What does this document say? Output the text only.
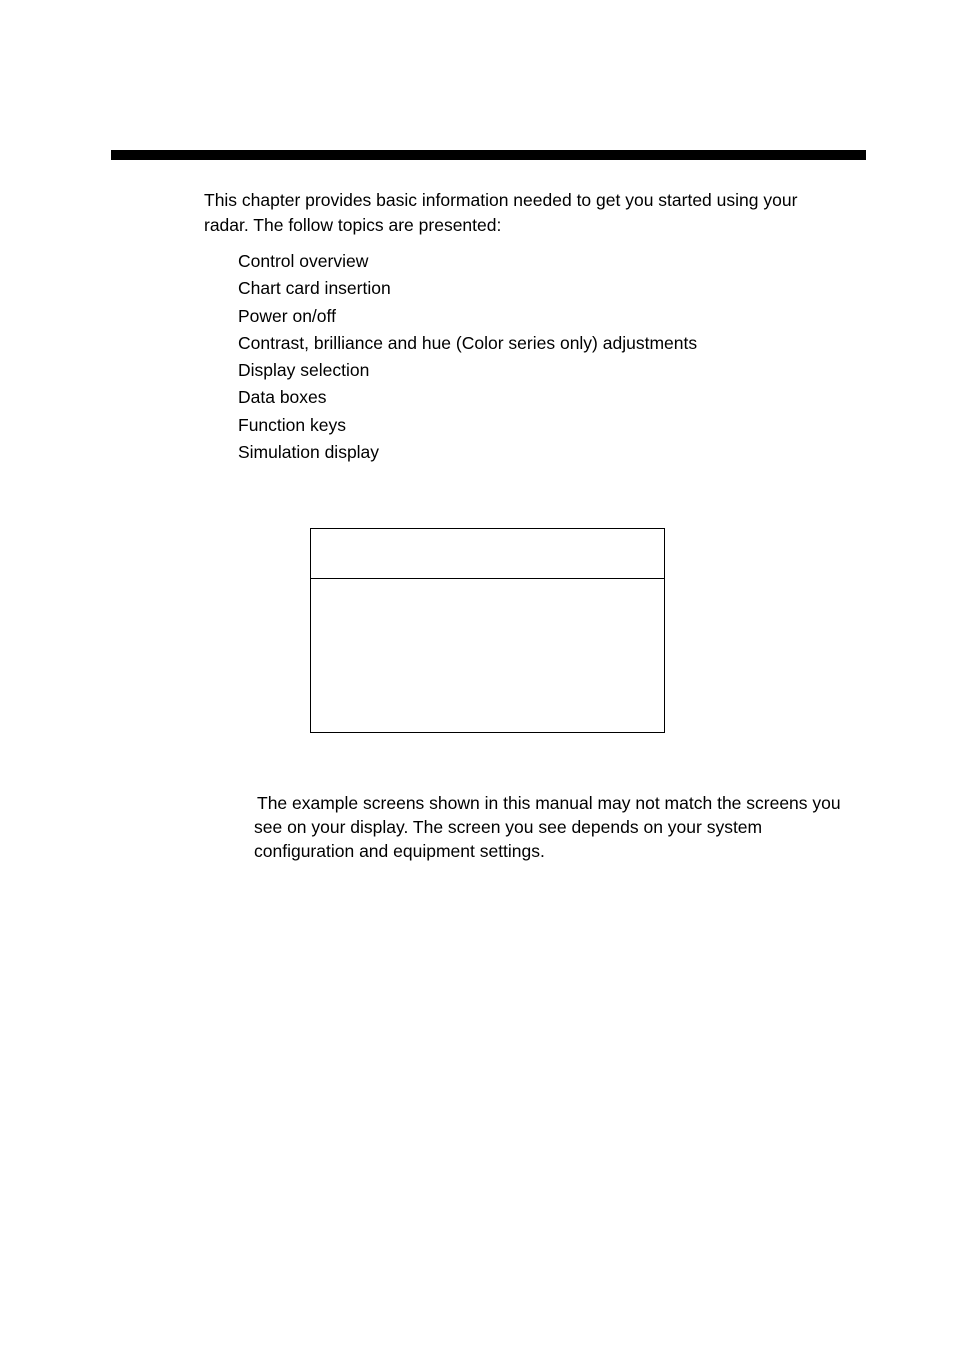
This chapter provides basic information needed to get you started using your radar. The follow topics are presented:

Control overview
Chart card insertion
Power on/off
Contrast, brilliance and hue (Color series only) adjustments
Display selection
Data boxes
Function keys
Simulation display

The example screens shown in this manual may not match the screens you see on your display. The screen you see depends on your system configuration and equipment settings.
